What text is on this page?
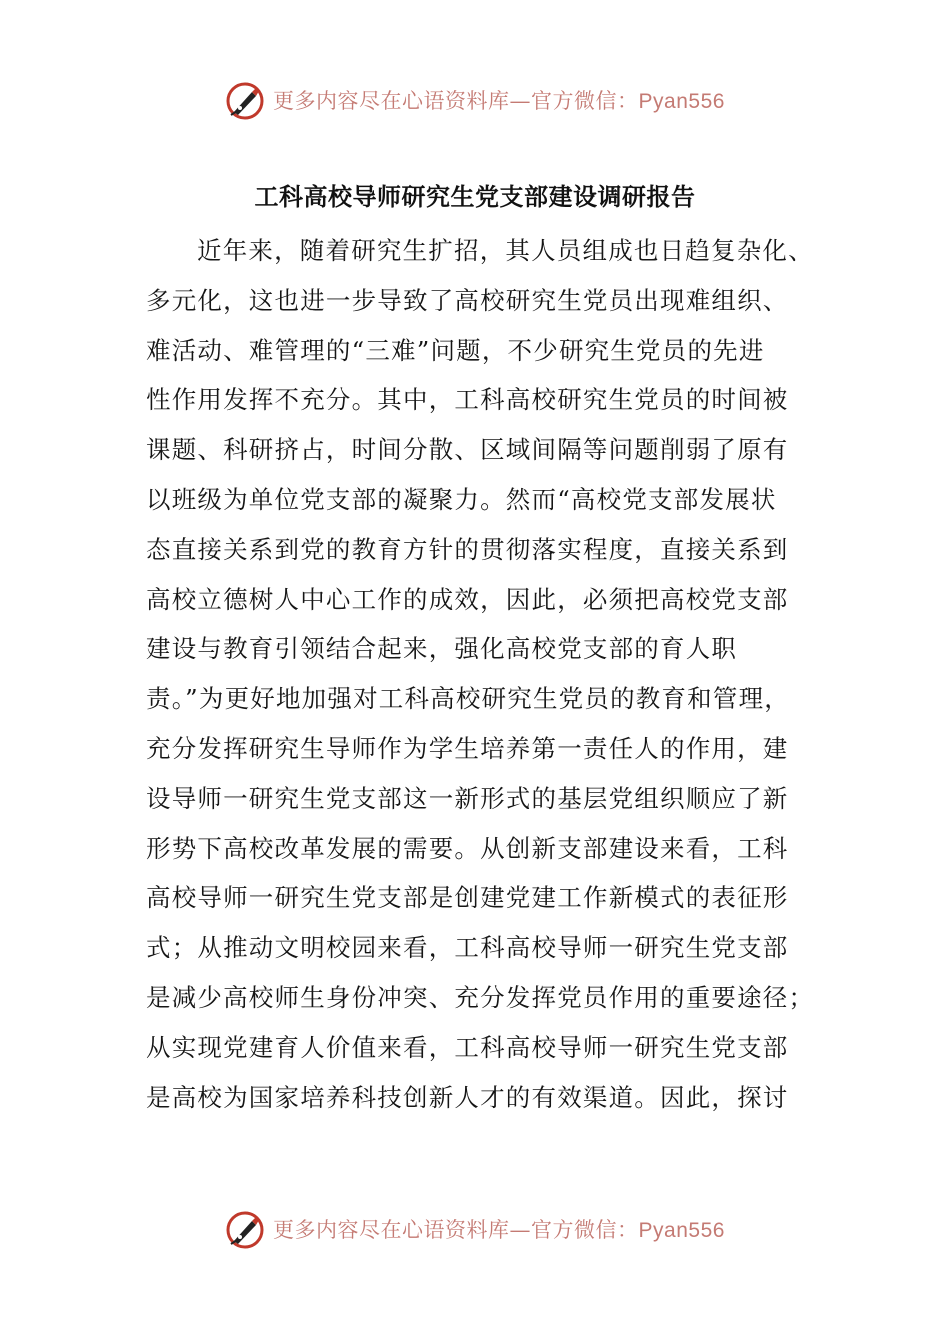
更多内容尽在心语资料库—官方微信： Pyan556
工科高校导师研究生党支部建设调研报告
近年来，随着研究生扩招，其人员组成也日趋复杂化、
多元化，这也进一步导致了高校研究生党员出现难组织、
难活动、难管理的“三难”问题，不少研究生党员的先进
性作用发挥不充分。其中，工科高校研究生党员的时间被
课题、科研挤占，时间分散、区域间隔等问题削弱了原有
以班级为单位党支部的凝聚力。然而“高校党支部发展状
态直接关系到党的教育方针的贯彻落实程度，直接关系到
高校立德树人中心工作的成效，因此，必须把高校党支部
建设与教育引领结合起来，强化高校党支部的育人职
责。”为更好地加强对工科高校研究生党员的教育和管理，
充分发挥研究生导师作为学生培养第一责任人的作用，建
设导师一研究生党支部这一新形式的基层党组织顺应了新
形势下高校改革发展的需要。从创新支部建设来看，工科
高校导师一研究生党支部是创建党建工作新模式的表征形
式；从推动文明校园来看，工科高校导师一研究生党支部
是减少高校师生身份冲突、充分发挥党员作用的重要途径；
从实现党建育人价值来看，工科高校导师一研究生党支部
是高校为国家培养科技创新人才的有效渠道。因此，探讨
更多内容尽在心语资料库—官方微信： Pyan556
